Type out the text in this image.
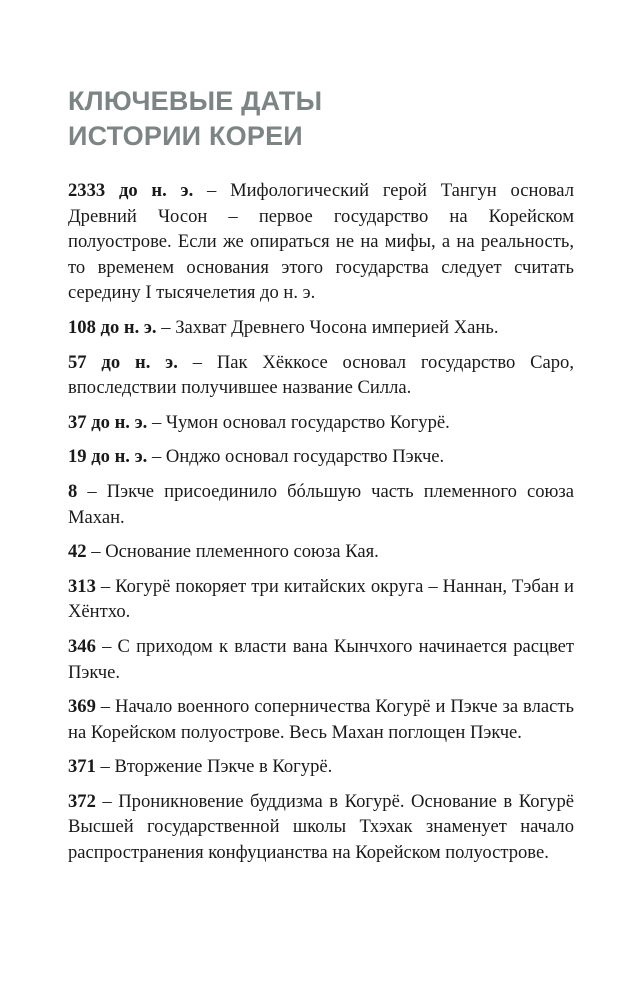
КЛЮЧЕВЫЕ ДАТЫ
ИСТОРИИ КОРЕИ

2333 до н. э. – Мифологический герой Тангун основал Древний Чосон – первое государство на Корейском полуострове. Если же опираться не на мифы, а на реальность, то временем основания этого государства следует считать середину I тысячелетия до н. э.

108 до н. э. – Захват Древнего Чосона империей Хань.

57 до н. э. – Пак Хёккосе основал государство Саро, впоследствии получившее название Силла.

37 до н. э. – Чумон основал государство Когурё.

19 до н. э. – Онджо основал государство Пэкче.

8 – Пэкче присоединило бóльшую часть племенного союза Махан.

42 – Основание племенного союза Кая.

313 – Когурё покоряет три китайских округа – Наннан, Тэбан и Хёнтхо.

346 – С приходом к власти вана Кынчхого начинается расцвет Пэкче.

369 – Начало военного соперничества Когурё и Пэкче за власть на Корейском полуострове. Весь Махан поглощен Пэкче.

371 – Вторжение Пэкче в Когурё.

372 – Проникновение буддизма в Когурё. Основание в Когурё Высшей государственной школы Тхэхак знаменует начало распространения конфуцианства на Корейском полуострове.
